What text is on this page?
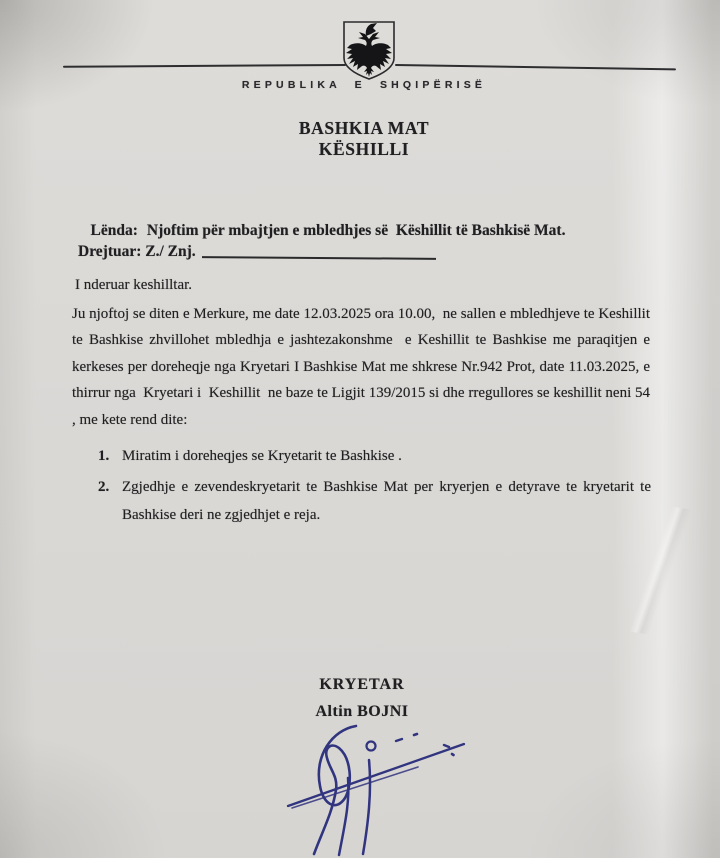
REPUBLIKA E SHQIPËRISË
BASHKIA MAT
KËSHILLI

Lënda: Njoftim për mbajtjen e mbledhjes së  Këshillit të Bashkisë Mat.

Drejtuar: Z./ Znj.
I nderuar keshilltar.
Ju njoftoj se diten e Merkure, me date 12.03.2025 ora 10.00,  ne sallen e mbledhjeve te Keshillit te Bashkise zhvillohet mbledhja e jashtezakonshme  e Keshillit te Bashkise me paraqitjen e kerkeses per doreheqje nga Kryetari I Bashkise Mat me shkrese Nr.942 Prot, date 11.03.2025, e thirrur nga  Kryetari i  Keshillit  ne baze te Ligjit 139/2015 si dhe rregullores se keshillit neni 54 , me kete rend dite:
1. Miratim i doreheqjes se Kryetarit te Bashkise .
2. Zgjedhje e zevendeskryetarit te Bashkise Mat per kryerjen e detyrave te kryetarit te Bashkise deri ne zgjedhjet e reja.
KRYETAR
Altin BOJNI
